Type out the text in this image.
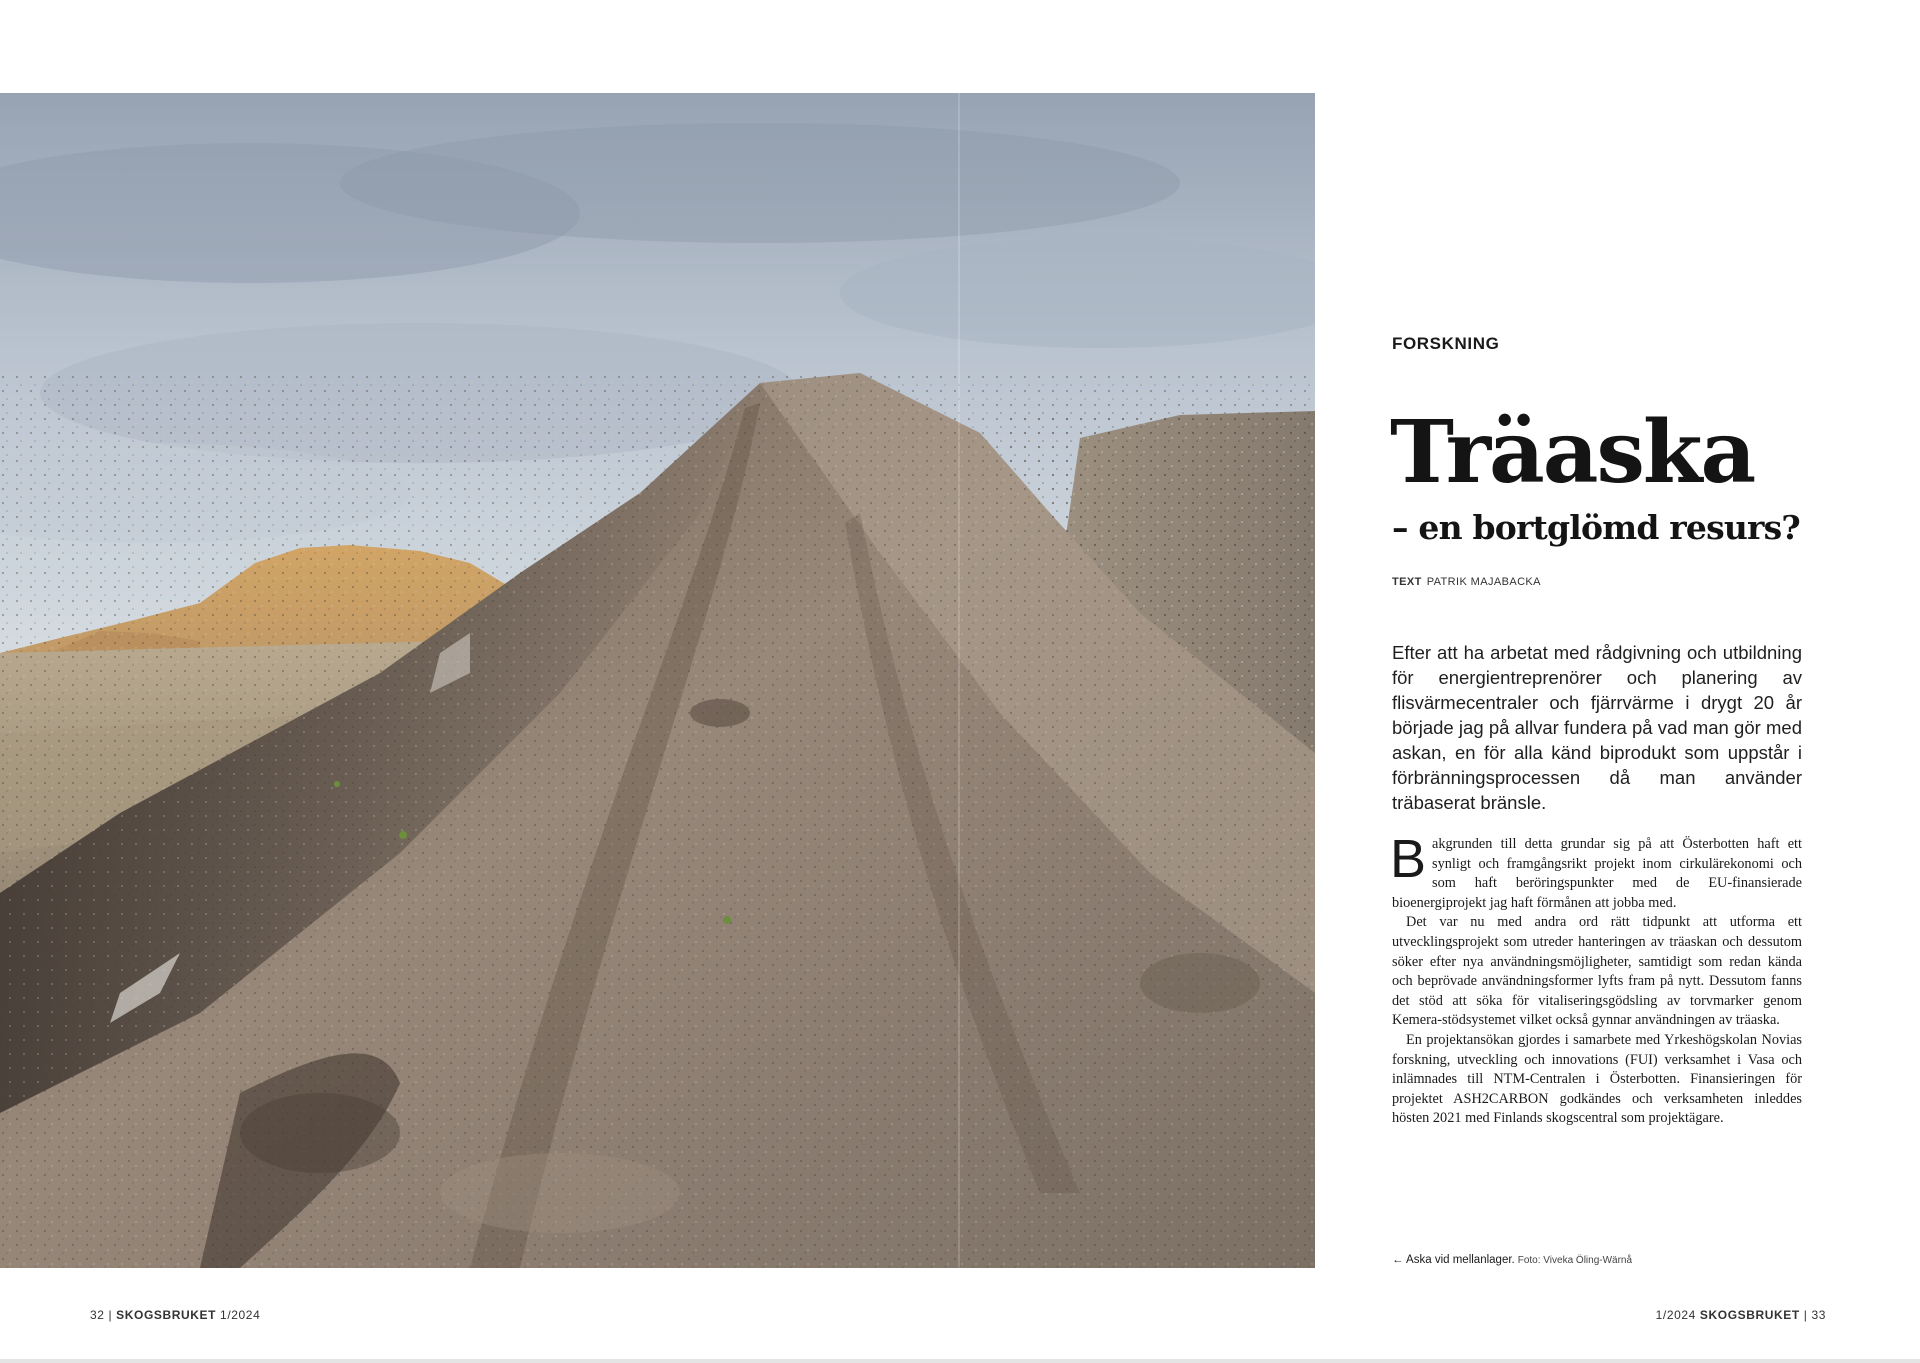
FORSKNING
Träaska
– en bortglömd resurs?
TEXT PATRIK MAJABACKA

Efter att ha arbetat med rådgivning och utbildning för energientreprenörer och planering av flisvärmecentraler och fjärrvärme i drygt 20 år började jag på allvar fundera på vad man gör med askan, en för alla känd biprodukt som uppstår i förbränningsprocessen då man använder träbaserat bränsle.

Bakgrunden till detta grundar sig på att Österbotten haft ett synligt och framgångsrikt projekt inom cirkulärekonomi och som haft beröringspunkter med de EU-finansierade bioenergiprojekt jag haft förmånen att jobba med.

Det var nu med andra ord rätt tidpunkt att utforma ett utvecklingsprojekt som utreder hanteringen av träaskan och dessutom söker efter nya användningsmöjligheter, samtidigt som redan kända och beprövade användningsformer lyfts fram på nytt. Dessutom fanns det stöd att söka för vitaliseringsgödsling av torvmarker genom Kemera-stödsystemet vilket också gynnar användningen av träaska.

En projektansökan gjordes i samarbete med Yrkeshögskolan Novias forskning, utveckling och innovations (FUI) verksamhet i Vasa och inlämnades till NTM-Centralen i Österbotten. Finansieringen för projektet ASH2CARBON godkändes och verksamheten inleddes hösten 2021 med Finlands skogscentral som projektägare.

← Aska vid mellanlager. Foto: Viveka Öling-Wärnå
32 | SKOGSBRUKET 1/2024	1/2024 SKOGSBRUKET | 33
